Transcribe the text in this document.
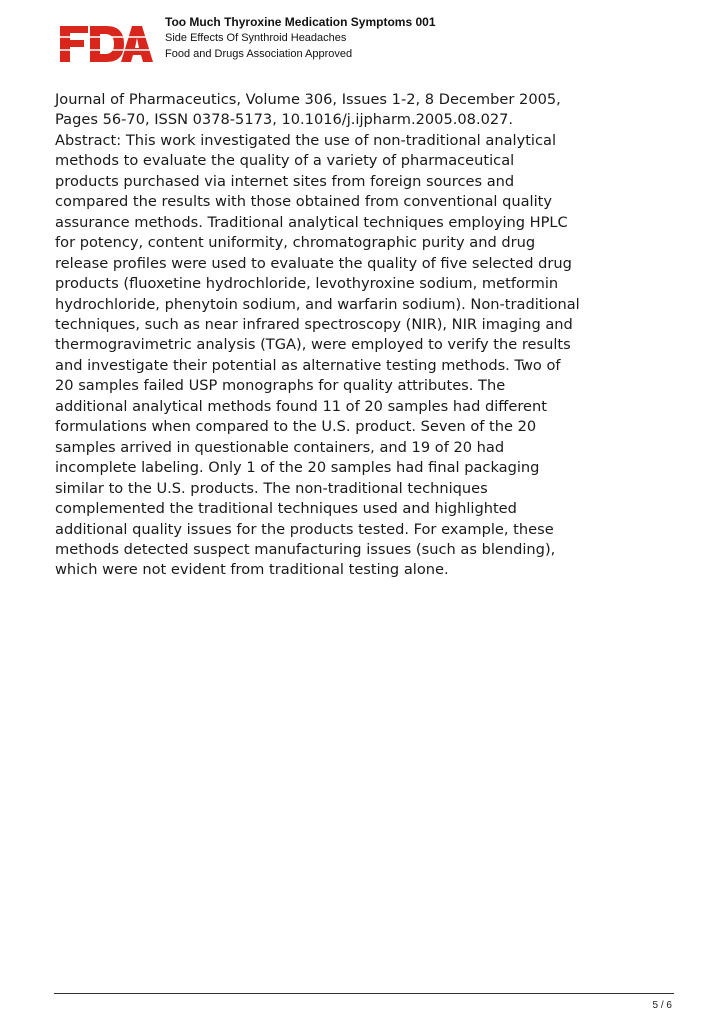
Too Much Thyroxine Medication Symptoms 001
Side Effects Of Synthroid Headaches
Food and Drugs Association Approved

Journal of Pharmaceutics, Volume 306, Issues 1-2, 8 December 2005,
Pages 56-70, ISSN 0378-5173, 10.1016/j.ijpharm.2005.08.027.
Abstract: This work investigated the use of non-traditional analytical
methods to evaluate the quality of a variety of pharmaceutical
products purchased via internet sites from foreign sources and
compared the results with those obtained from conventional quality
assurance methods. Traditional analytical techniques employing HPLC
for potency, content uniformity, chromatographic purity and drug
release profiles were used to evaluate the quality of five selected drug
products (fluoxetine hydrochloride, levothyroxine sodium, metformin
hydrochloride, phenytoin sodium, and warfarin sodium). Non-traditional
techniques, such as near infrared spectroscopy (NIR), NIR imaging and
thermogravimetric analysis (TGA), were employed to verify the results
and investigate their potential as alternative testing methods. Two of
20 samples failed USP monographs for quality attributes. The
additional analytical methods found 11 of 20 samples had different
formulations when compared to the U.S. product. Seven of the 20
samples arrived in questionable containers, and 19 of 20 had
incomplete labeling. Only 1 of the 20 samples had final packaging
similar to the U.S. products. The non-traditional techniques
complemented the traditional techniques used and highlighted
additional quality issues for the products tested. For example, these
methods detected suspect manufacturing issues (such as blending),
which were not evident from traditional testing alone.

5 / 6
